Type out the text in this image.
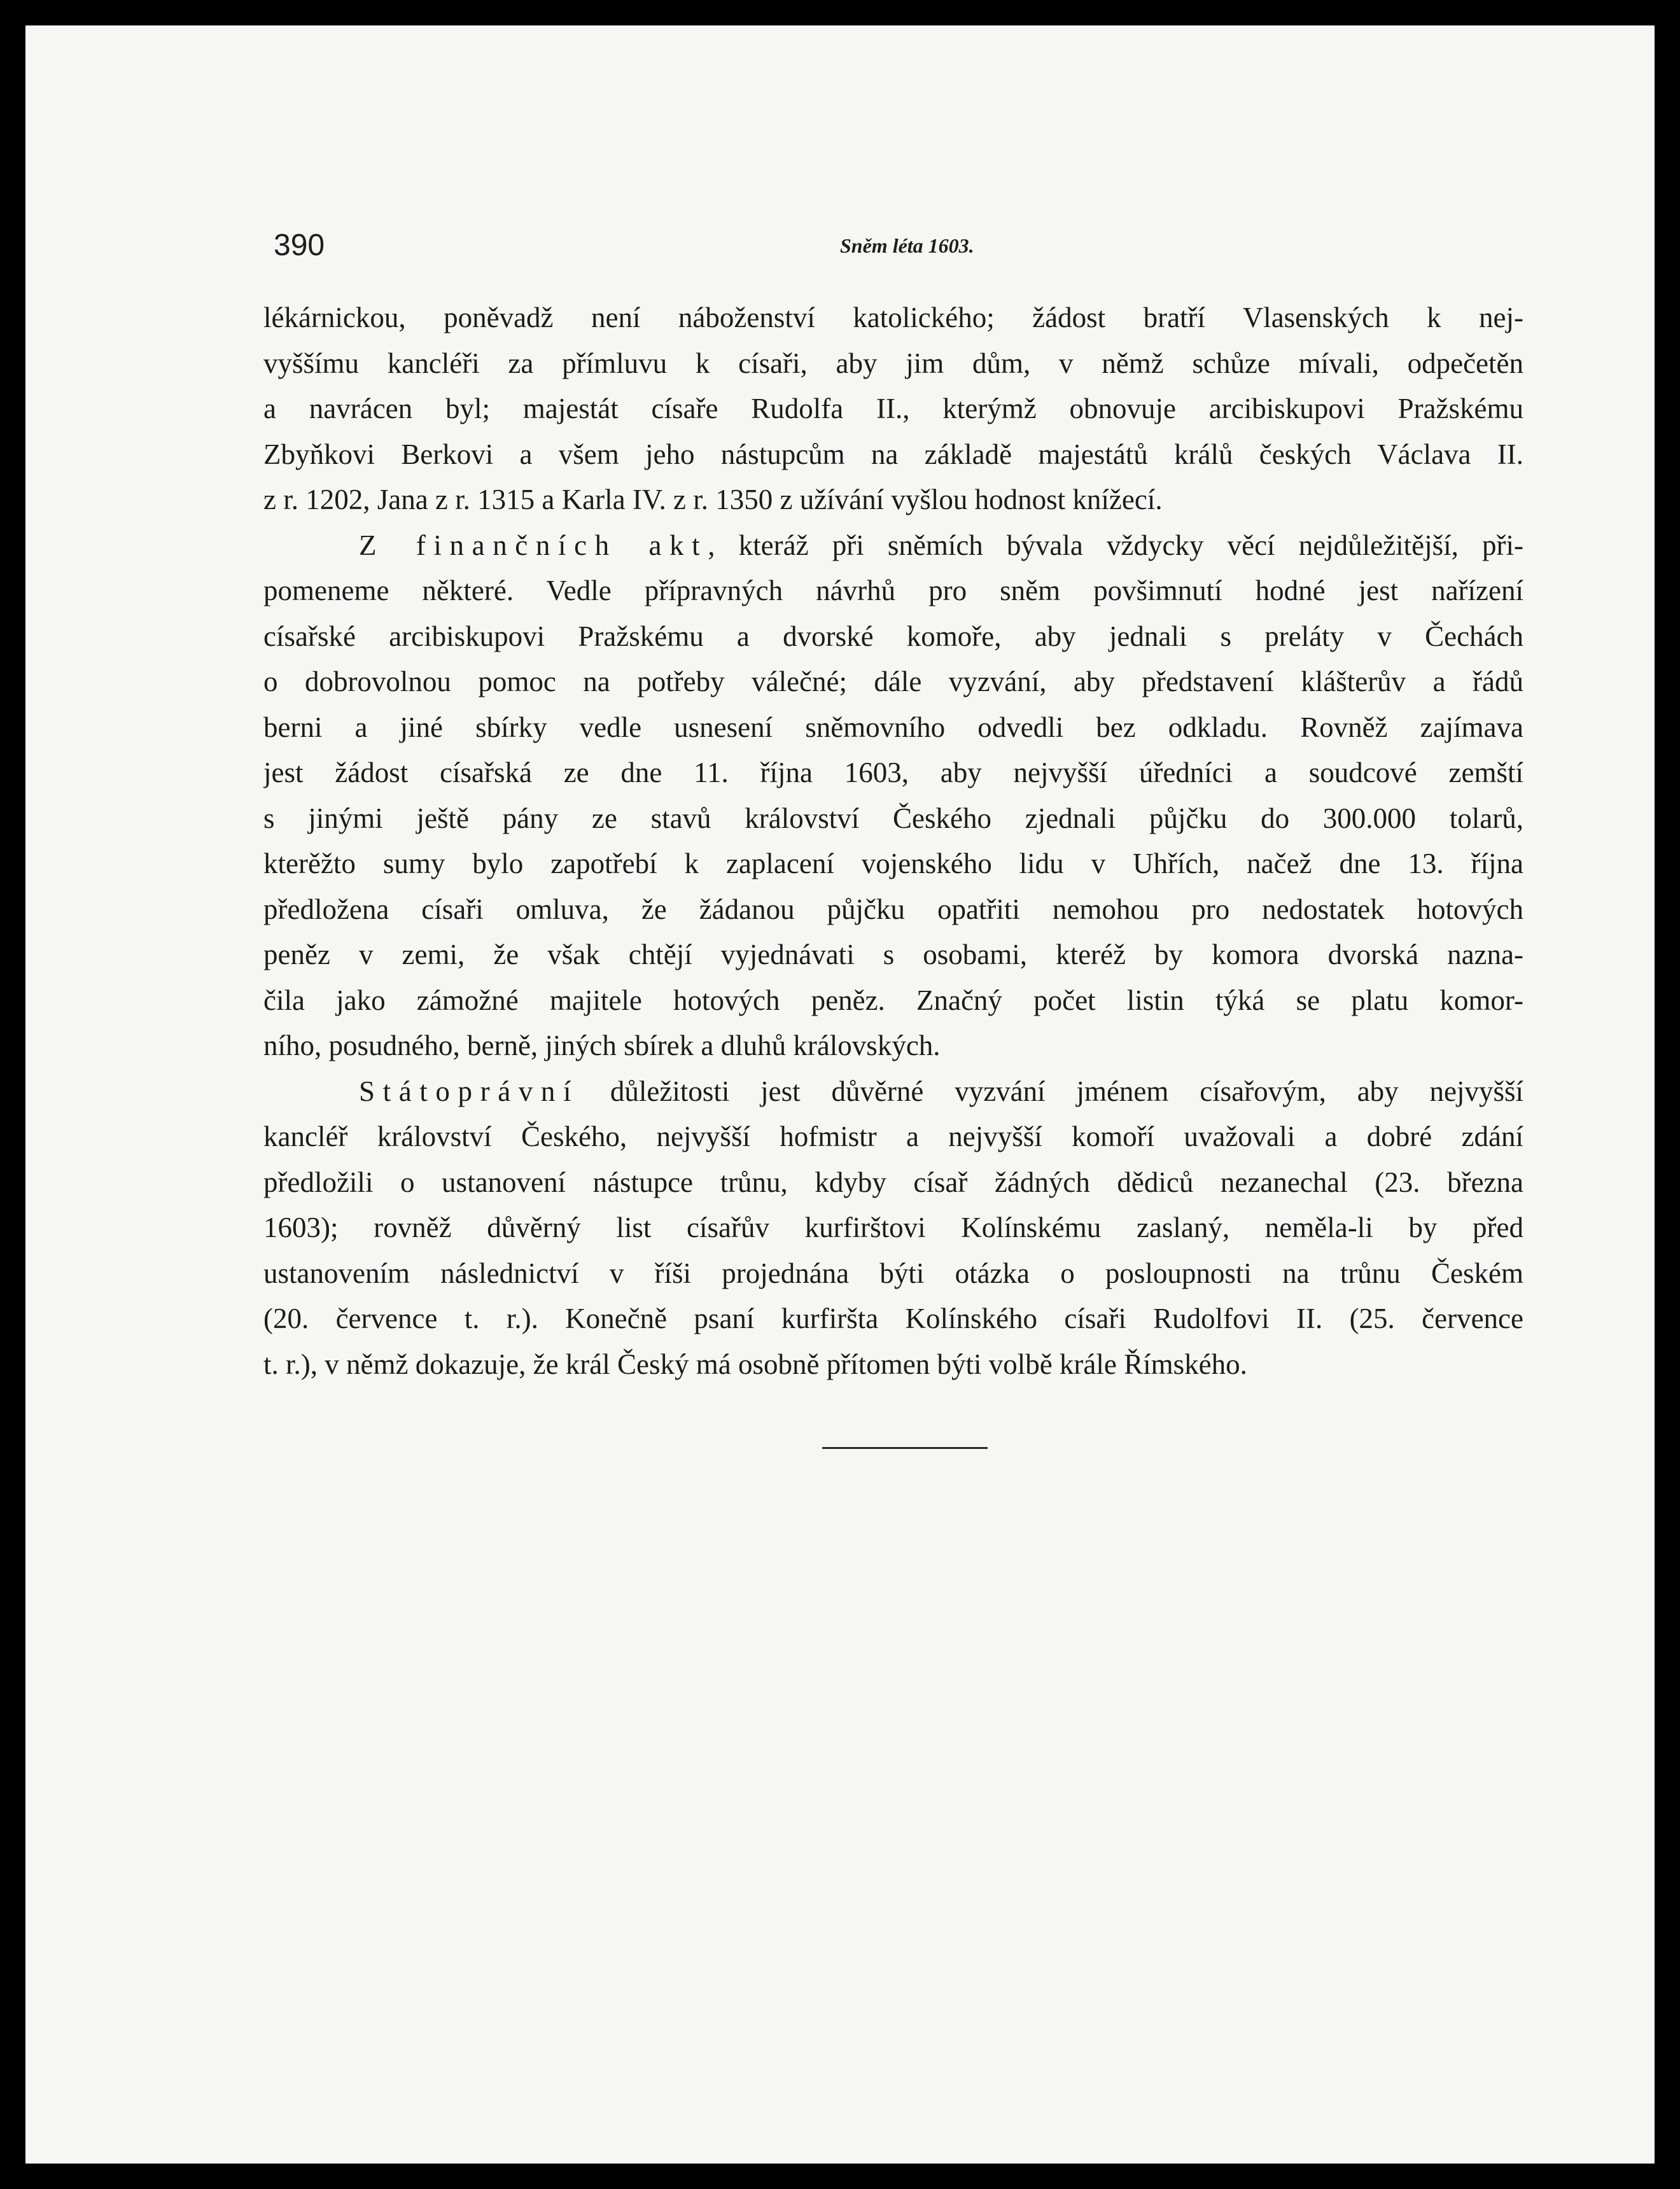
390	Sněm léta 1603.
lékárnickou, poněvadž není náboženství katolického; žádost bratří Vlasenských k nej-
vyššímu kancléři za přímluvu k císaři, aby jim dům, v němž schůze mívali, odpečetěn
a navrácen byl; majestát císaře Rudolfa II., kterýmž obnovuje arcibiskupovi Pražskému
Zbyňkovi Berkovi a všem jeho nástupcům na základě majestátů králů českých Václava II.
z r. 1202, Jana z r. 1315 a Karla IV. z r. 1350 z užívání vyšlou hodnost knížecí.
Z finančních akt, kteráž při sněmích bývala vždycky věcí nejdůležitější, při-
pomeneme některé. Vedle přípravných návrhů pro sněm povšimnutí hodné jest nařízení
císařské arcibiskupovi Pražskému a dvorské komoře, aby jednali s preláty v Čechách
o dobrovolnou pomoc na potřeby válečné; dále vyzvání, aby představení klášterův a řádů
berni a jiné sbírky vedle usnesení sněmovního odvedli bez odkladu. Rovněž zajímava
jest žádost císařská ze dne 11. října 1603, aby nejvyšší úředníci a soudcové zemští
s jinými ještě pány ze stavů království Českého zjednali půjčku do 300.000 tolarů,
kterěžto sumy bylo zapotřebí k zaplacení vojenského lidu v Uhřích, načež dne 13. října
předložena císaři omluva, že žádanou půjčku opatřiti nemohou pro nedostatek hotových
peněz v zemi, že však chtějí vyjednávati s osobami, kteréž by komora dvorská nazna-
čila jako zámožné majitele hotových peněz. Značný počet listin týká se platu komor-
ního, posudného, berně, jiných sbírek a dluhů královských.
Státoprávní důležitosti jest důvěrné vyzvání jménem císařovým, aby nejvyšší
kancléř království Českého, nejvyšší hofmistr a nejvyšší komoří uvažovali a dobré zdání
předložili o ustanovení nástupce trůnu, kdyby císař žádných dědiců nezanechal (23. března
1603); rovněž důvěrný list císařův kurfirštovi Kolínskému zaslaný, neměla-li by před
ustanovením následnictví v říši projednána býti otázka o posloupnosti na trůnu Českém
(20. července t. r.). Konečně psaní kurfiršta Kolínského císaři Rudolfovi II. (25. července
t. r.), v němž dokazuje, že král Český má osobně přítomen býti volbě krále Římského.
